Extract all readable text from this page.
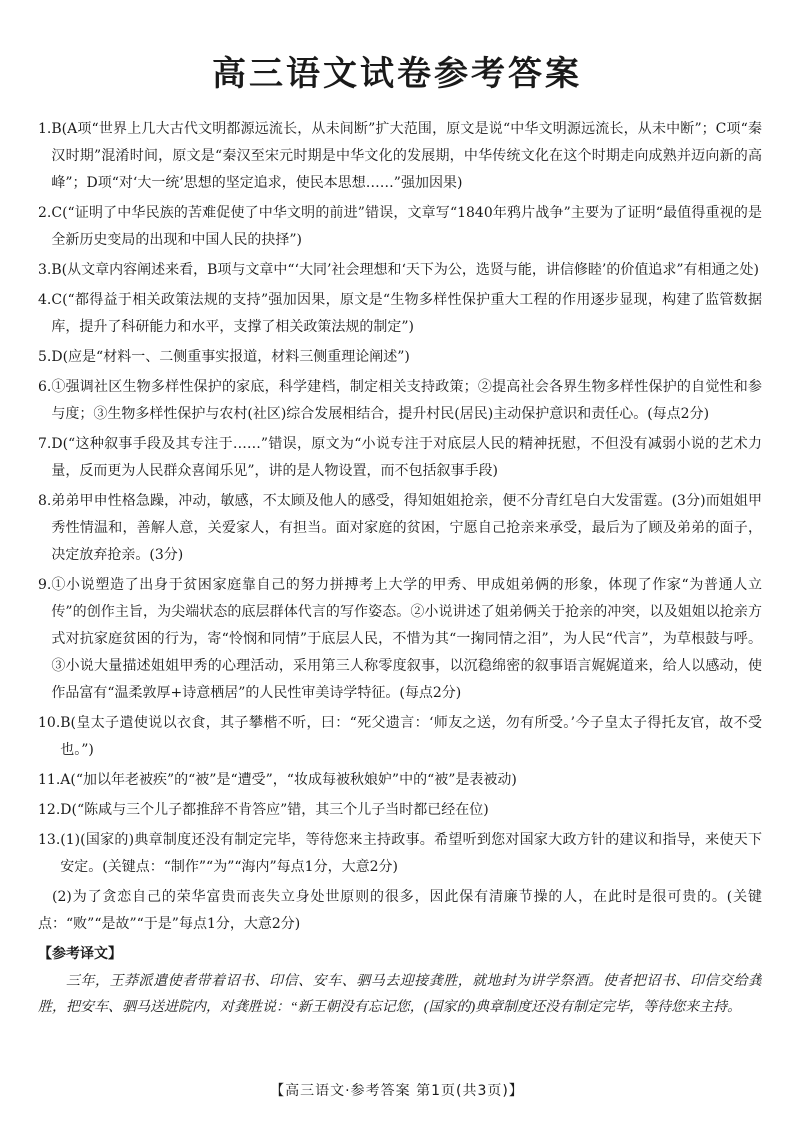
高三语文试卷参考答案
1. B(A项“世界上几大古代文明都源远流长，从未间断”扩大范围，原文是说“中华文明源远流长，从未中断”；C项“秦汉时期”混淆时间，原文是“秦汉至宋元时期是中华文化的发展期，中华传统文化在这个时期走向成熟并迈向新的高峰”；D项“对‘大一统’思想的坚定追求，使民本思想……”强加因果)
2. C(“证明了中华民族的苦难促使了中华文明的前进”错误，文章写“1840年鸦片战争”主要为了证明“最值得重视的是全新历史变局的出现和中国人民的抉择”)
3. B(从文章内容阐述来看，B项与文章中“‘大同’社会理想和‘天下为公，选贤与能，讲信修睦’的价值追求”有相通之处)
4. C(“都得益于相关政策法规的支持”强加因果，原文是“生物多样性保护重大工程的作用逐步显现，构建了监管数据库，提升了科研能力和水平，支撑了相关政策法规的制定”)
5. D(应是“材料一、二侧重事实报道，材料三侧重理论阐述”)
6. ①强调社区生物多样性保护的家底，科学建档，制定相关支持政策；②提高社会各界生物多样性保护的自觉性和参与度；③生物多样性保护与农村(社区)综合发展相结合，提升村民(居民)主动保护意识和责任心。(每点2分)
7. D(“这种叙事手段及其专注于……”错误，原文为“小说专注于对底层人民的精神抚慰，不但没有减弱小说的艺术力量，反而更为人民群众喜闻乐见”，讲的是人物设置，而不包括叙事手段)
8. 弟弟甲申性格急躁，冲动，敏感，不太顾及他人的感受，得知姐姐抢亲，便不分青红皂白大发雷霆。(3分)而姐姐甲秀性情温和，善解人意，关爱家人，有担当。面对家庭的贫困，宁愿自己抢亲来承受，最后为了顾及弟弟的面子，决定放弃抢亲。(3分)
9. ①小说塑造了出身于贫困家庭靠自己的努力拼搏考上大学的甲秀、甲成姐弟俩的形象，体现了作家“为普通人立传”的创作主旨，为尖端状态的底层群体代言的写作姿态。②小说讲述了姐弟俩关于抢亲的冲突，以及姐姐以抢亲方式对抗家庭贫困的行为，寄“怜悯和同情”于底层人民，不惜为其“一掬同情之泪”，为人民“代言”，为草根鼓与呼。③小说大量描述姐姐甲秀的心理活动，采用第三人称零度叙事，以沉稳绵密的叙事语言娓娓道来，给人以感动，使作品富有“温柔敦厚+诗意栖居”的人民性审美诗学特征。(每点2分)
10. B(皇太子遣使说以衣食，其子攀楷不听，曰：“死父遗言：‘师友之送，勿有所受。’今子皇太子得托友官，故不受也。”)
11. A(“加以年老被疾”的“被”是“遭受”，“妆成每被秋娘妒”中的“被”是表被动)
12. D(“陈咸与三个儿子都推辞不肯答应”错，其三个儿子当时都已经在位)
13. (1)(国家的)典章制度还没有制定完毕，等待您来主持政事。希望听到您对国家大政方针的建议和指导，来使天下安定。(关键点：“制作”“为”“海内”每点1分，大意2分)

(2)为了贪恋自己的荣华富贵而丧失立身处世原则的很多，因此保有清廉节操的人，在此时是很可贵的。(关键点：“败”“是故”“于是”每点1分，大意2分)

【参考译文】

三年，王莽派遣使者带着诏书、印信、安车、驷马去迎接龚胜，就地封为讲学祭酒。使者把诏书、印信交给龚胜，把安车、驷马送进院内，对龚胜说：“新王朝没有忘记您，(国家的)典章制度还没有制定完毕，等待您来主持。

【高三语文·参考答案 第1页(共3页)】
